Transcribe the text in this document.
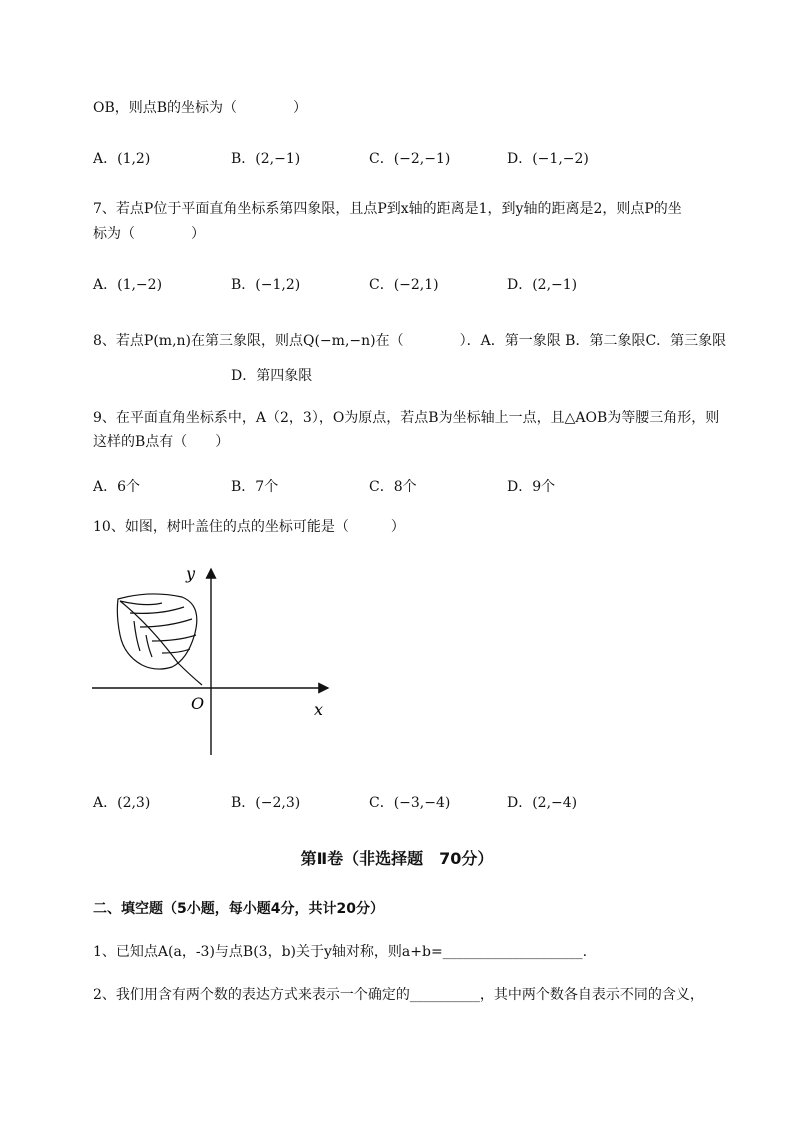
OB，则点B的坐标为（　　　　）
A．(1,2)	B．(2,−1)	C．(−2,−1)	D．(−1,−2)
7、若点P位于平面直角坐标系第四象限，且点P到x轴的距离是1，到y轴的距离是2，则点P的坐
标为（　　　　）
A．(1,−2)	B．(−1,2)	C．(−2,1)	D．(2,−1)
8、若点P(m,n)在第三象限，则点Q(−m,−n)在（　　　　）．A．第一象限 B．第二象限C．第三象限
D．第四象限
9、在平面直角坐标系中，A（2，3），O为原点，若点B为坐标轴上一点，且△AOB为等腰三角形，则
这样的B点有（　　）
A．6个	B．7个	C．8个	D．9个
10、如图，树叶盖住的点的坐标可能是（　　　）
y
x
O
A．(2,3)	B．(−2,3)	C．(−3,−4)	D．(2,−4)
第Ⅱ卷（非选择题　70分）
二、填空题（5小题，每小题4分，共计20分）
1、已知点A(a，-3)与点B(3，b)关于y轴对称，则a+b=____________________.
2、我们用含有两个数的表达方式来表示一个确定的__________，其中两个数各自表示不同的含义，
